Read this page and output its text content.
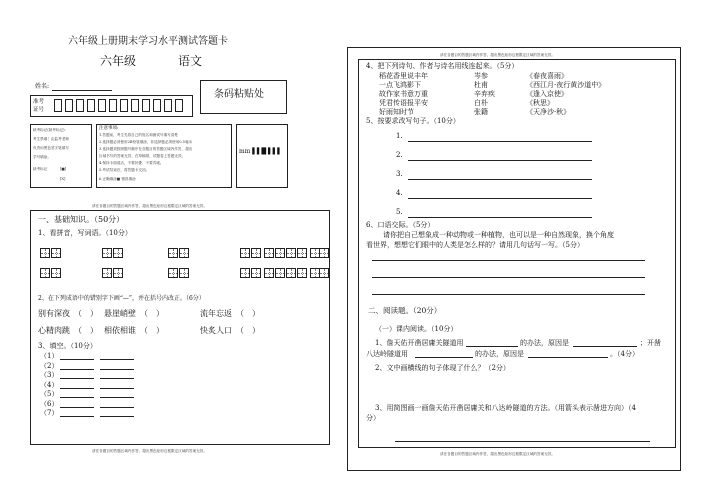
六年级上册期末学习水平测试答题卡
六年级	语文
姓名:
准考
证号
条码粘贴处
缺考标记(缺考标记):
考生禁填！由监考老师
负责用黑色签字笔填写
学号填涂。
缺考标记	[■]
[X]
注意事项:
1.答题前，考生先将自己的姓名和测试号填写清楚
2.选择题必须使用2B铅笔填涂，非选择题必须使用0.5毫米
3.选择题须按照题号顺序在各题目的答题区域内作答，超出
区域书写的答案无效，在草稿纸、试题卷上答题无效。
4.保持卡面清洁，不要折叠、不要弄破。
5.考试结束后，将答题卡交回。
6.正确填涂■ 错误填涂
mm ▌▌█ ▌▌▌
请在各题目的答题区域内作答，超出黑色矩形边框限定区域的答案无效。
请在各题目的答题区域内作答，超出黑色矩形边框限定区域的答案无效。
一、基础知识。（50分）
1、看拼音，写词语。（10分）
2、在下列成语中的错别字下画“—”，并在括号内改正。（6分）
别有深夜 （　） 悬崖峭壁 （　）	流年忘返 （　）
心精肉跳 （　） 相依相谁 （　）	快炙人口 （　）
3、填空。（10分）
（1）
（2）
（3）
（4）
（5）
（6）
（7）
请在各题目的答题区域内作答，超出黑色矩形边框限定区域的答案无效。
请在各题目的答题区域内作答，超出黑色矩形边框限定区域的答案无效。
4、把下列诗句、作者与诗名用线连起来。（5分）
稻花香里说丰年	岑参	《春夜喜雨》
一点飞鸿影下	杜甫	《西江月·夜行黄沙道中》
故作家书意万重	辛弃疾	《逢入京使》
凭君传语报平安	白朴	《秋思》
好雨知时节	张籍	《天净沙·秋》
5、按要求改写句子。（10分）
1.
2.
3.
4.
5.
6、口语交际。（5分）
请你把自己想象成一种动物或一种植物，也可以是一种自然现象，换个角度
看世界，想想它们眼中的人类是怎么样的？请用几句话写一写。（5分）
二、阅读题。（20分）
（一）课内阅读。（10分）
1、詹天佑开凿居庸关隧道用	的办法，原因是	；开凿
八达岭隧道用	的办法，原因是	。（4分）
2、文中画横线的句子体现了什么？（2分）
3、用简图画一画詹天佑开凿居庸关和八达岭隧道的方法。（用箭头表示凿进方向）（4
分）
